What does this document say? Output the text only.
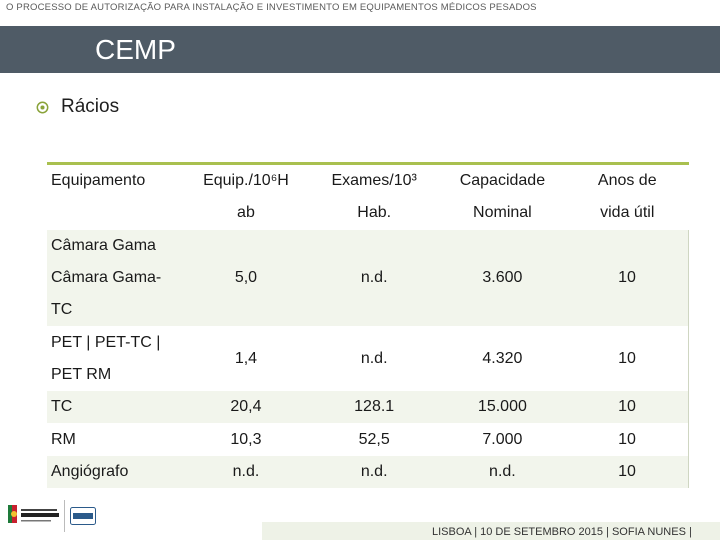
O PROCESSO DE AUTORIZAÇÃO PARA INSTALAÇÃO E INVESTIMENTO EM EQUIPAMENTOS MÉDICOS PESADOS
CEMP
Rácios
Equipamento	Equip./10⁶H	Exames/10³	Capacidade	Anos de
	ab	Hab.	Nominal	vida útil

Câmara Gama
Câmara Gama-
TC	5,0	n.d.	3.600	10

PET | PET-TC |
PET RM	1,4	n.d.	4.320	10
TC	20,4	128.1	15.000	10
RM	10,3	52,5	7.000	10
Angiógrafo	n.d.	n.d.	n.d.	10
LISBOA | 10 DE SETEMBRO 2015 | SOFIA NUNES |
